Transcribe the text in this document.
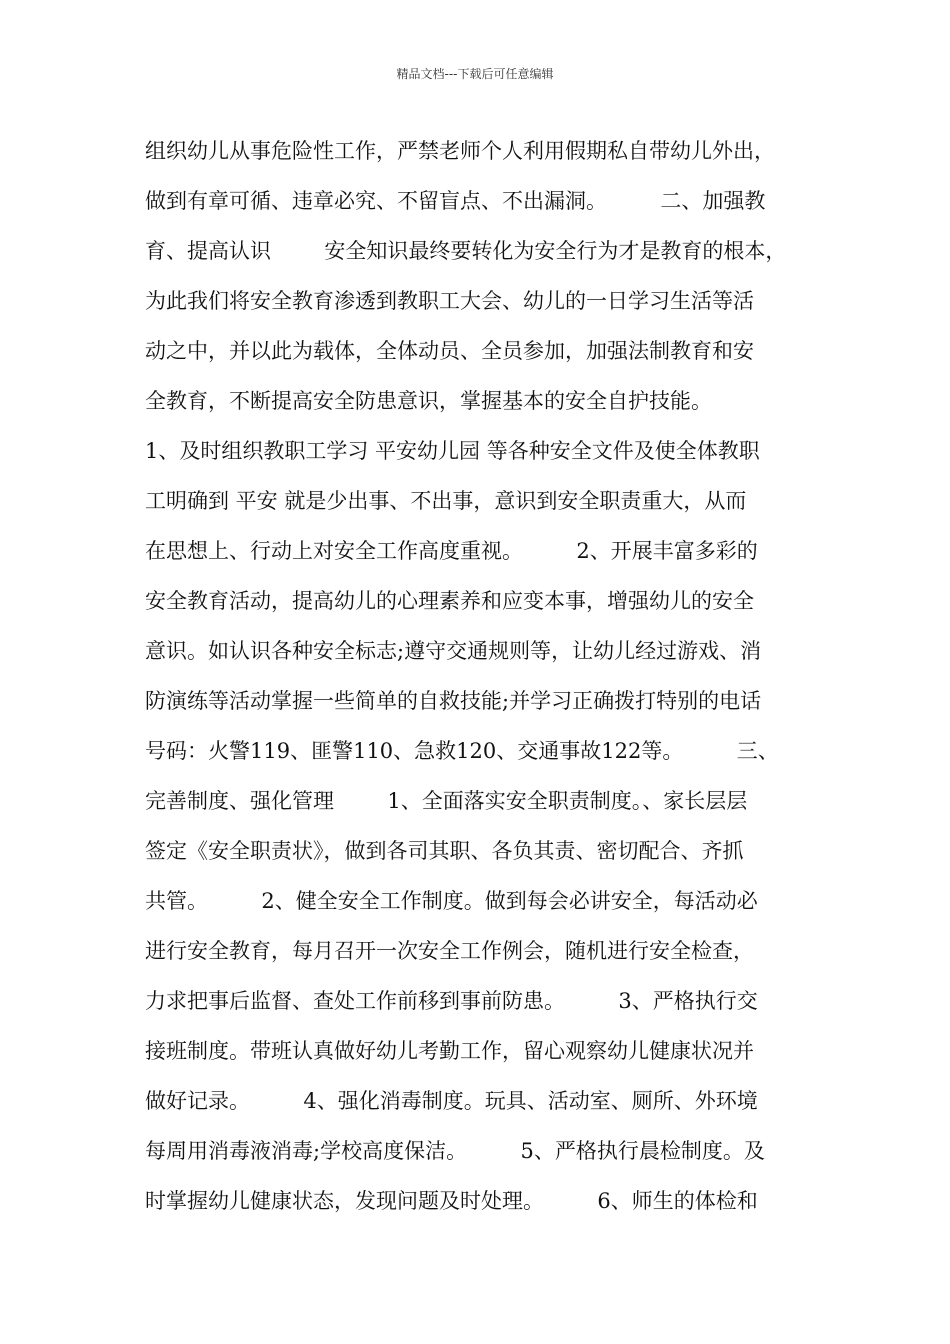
精品文档---下载后可任意编辑
组织幼儿从事危险性工作，严禁老师个人利用假期私自带幼儿外出，
做到有章可循、违章必究、不留盲点、不出漏洞。        二、加强教
育、提高认识        安全知识最终要转化为安全行为才是教育的根本，
为此我们将安全教育渗透到教职工大会、幼儿的一日学习生活等活
动之中，并以此为载体，全体动员、全员参加，加强法制教育和安
全教育，不断提高安全防患意识，掌握基本的安全自护技能。
1、及时组织教职工学习 平安幼儿园 等各种安全文件及使全体教职
工明确到 平安 就是少出事、不出事，意识到安全职责重大，从而
在思想上、行动上对安全工作高度重视。        2、开展丰富多彩的
安全教育活动，提高幼儿的心理素养和应变本事，增强幼儿的安全
意识。如认识各种安全标志;遵守交通规则等，让幼儿经过游戏、消
防演练等活动掌握一些简单的自救技能;并学习正确拨打特别的电话
号码：火警119、匪警110、急救120、交通事故122等。        三、
完善制度、强化管理        1、全面落实安全职责制度。、家长层层
签定《安全职责状》，做到各司其职、各负其责、密切配合、齐抓
共管。        2、健全安全工作制度。做到每会必讲安全，每活动必
进行安全教育，每月召开一次安全工作例会，随机进行安全检查，
力求把事后监督、查处工作前移到事前防患。        3、严格执行交
接班制度。带班认真做好幼儿考勤工作，留心观察幼儿健康状况并
做好记录。        4、强化消毒制度。玩具、活动室、厕所、外环境
每周用消毒液消毒;学校高度保洁。        5、严格执行晨检制度。及
时掌握幼儿健康状态，发现问题及时处理。        6、师生的体检和
